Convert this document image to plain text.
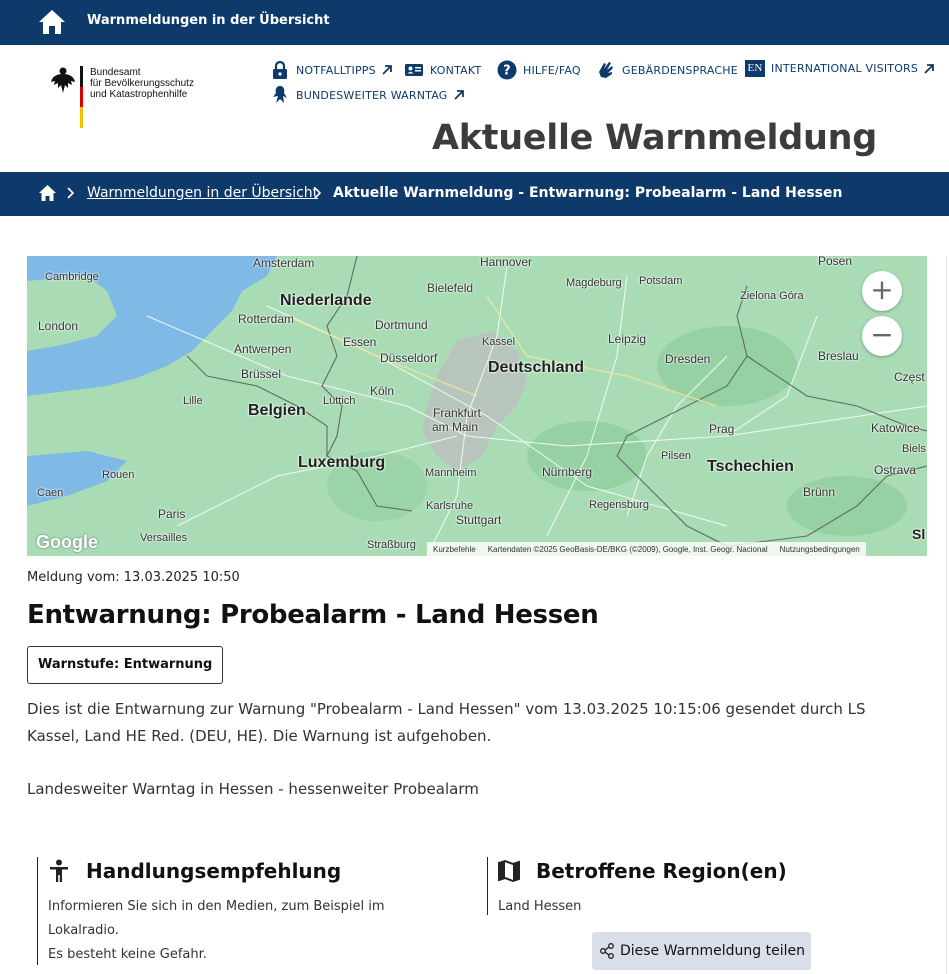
Warnmeldungen in der Übersicht
Bundesamt
für Bevölkerungsschutz
und Katastrophenhilfe
NOTFALLTIPPS	KONTAKT ? HILFE/FAQ	GEBÄRDENSPRACHE EN INTERNATIONAL VISITORS
BUNDESWEITER WARNTAG
Aktuelle Warnmeldung
Warnmeldungen in der Übersicht Aktuelle Warnmeldung - Entwarnung: Probealarm - Land Hessen
Amsterdam	Hannover	Posen
Cambridge
Niederlande
Bielefeld	Magdeburg Potsdam
Zielona Góra
Rotterdam	Dortmund
London
Essen	Kassel	Leipzig
Antwerpen
Düsseldorf
Deutschland	Dresden	Breslau
Brüssel
Köln
Częst
Lille	Lüttich
Belgien	Frankfurt
am Main	Prag	Katowice
Biels
Pilsen
Luxemburg
Mannheim	Nürnberg	Tschechien	Ostrava
Rouen
Caen	Brünn
Karlsruhe	Regensburg
Paris	Stuttgart
Versailles
Straßburg
Sl
+
−
Google	Kurzbefehle Kartendaten ©2025 GeoBasis-DE/BKG (©2009), Google, Inst. Geogr. Nacional Nutzungsbedingungen
Meldung vom: 13.03.2025 10:50
Entwarnung: Probealarm - Land Hessen
Warnstufe: Entwarnung

Dies ist die Entwarnung zur Warnung "Probealarm - Land Hessen" vom 13.03.2025 10:15:06 gesendet durch LS Kassel, Land HE Red. (DEU, HE). Die Warnung ist aufgehoben.

Landesweiter Warntag in Hessen - hessenweiter Probealarm

Handlungsempfehlung
Informieren Sie sich in den Medien, zum Beispiel im
Lokalradio.
Es besteht keine Gefahr.
Betroffene Region(en)
Land Hessen
Diese Warnmeldung teilen
